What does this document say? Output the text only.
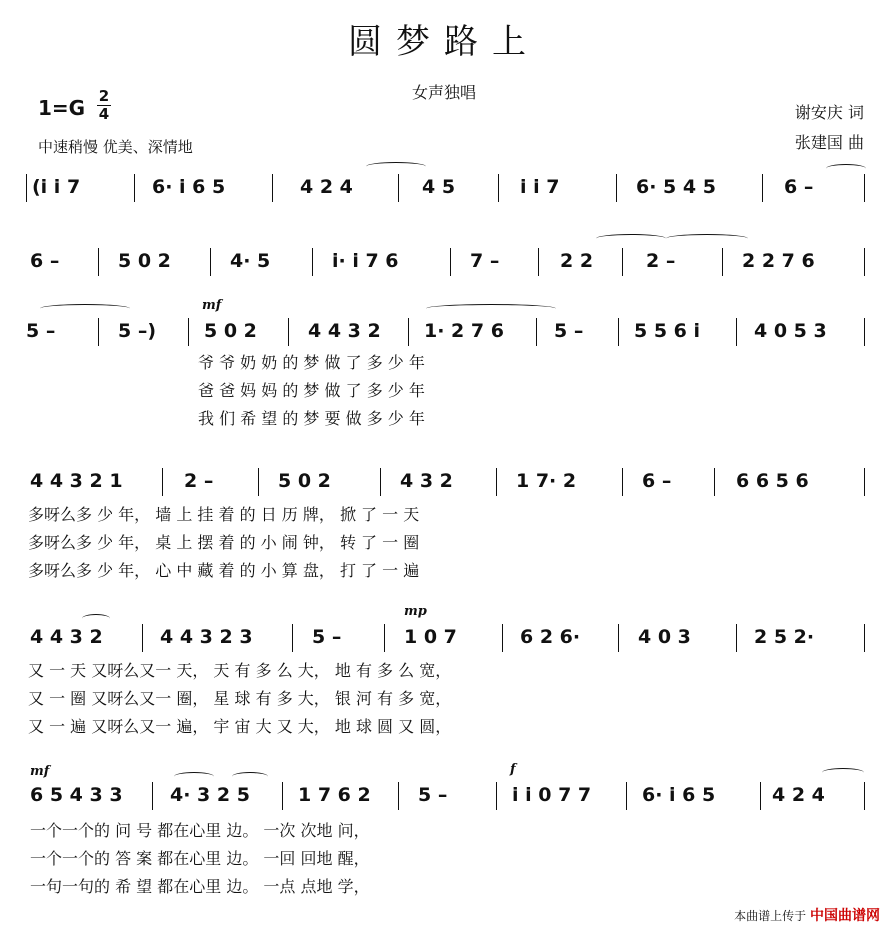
圆梦路上
女声独唱
1=G 2
4
中速稍慢 优美、深情地
谢安庆 词
张建国 曲
(i i 7	6· i 6 5	4 2 4	4 5	i i 7	6· 5 4 5	6 –
6 –	5 0 2	4· 5	i· i 7 6	7 –	2 2	2 –	2 2 7 6
mf
5 –	5 –)	5 0 2	4 4 3 2 1· 2 7 6	5 –	5 5 6 i	4 0 5 3
爷 爷 奶 奶 的 梦 做 了 多 少 年
爸 爸 妈 妈 的 梦 做 了 多 少 年
我 们 希 望 的 梦 要 做 多 少 年
4 4 3 2 1	2 –	5 0 2	4 3 2	1 7· 2	6 –	6 6 5 6
多呀么多 少 年， 墙 上 挂 着 的 日 历 牌， 掀 了 一 天
多呀么多 少 年， 桌 上 摆 着 的 小 闹 钟， 转 了 一 圈
多呀么多 少 年， 心 中 藏 着 的 小 算 盘， 打 了 一 遍
mp
4 4 3 2	4 4 3 2 3	5 –	1 0 7	6 2 6·	4 0 3	2 5 2·
又 一 天 又呀么又一 天， 天 有 多 么 大， 地 有 多 么 宽，
又 一 圈 又呀么又一 圈， 星 球 有 多 大， 银 河 有 多 宽，
又 一 遍 又呀么又一 遍， 宇 宙 大 又 大， 地 球 圆 又 圆，
mf	f
6 5 4 3 3 4· 3 2 5	1 7 6 2 5 –	i i 0 7 7	6· i 6 5	4 2 4
一个一个的 问 号 都在心里 边。 一次 次地 问，
一个一个的 答 案 都在心里 边。 一回 回地 醒，
一句一句的 希 望 都在心里 边。 一点 点地 学，
本曲谱上传于 中国曲谱网
